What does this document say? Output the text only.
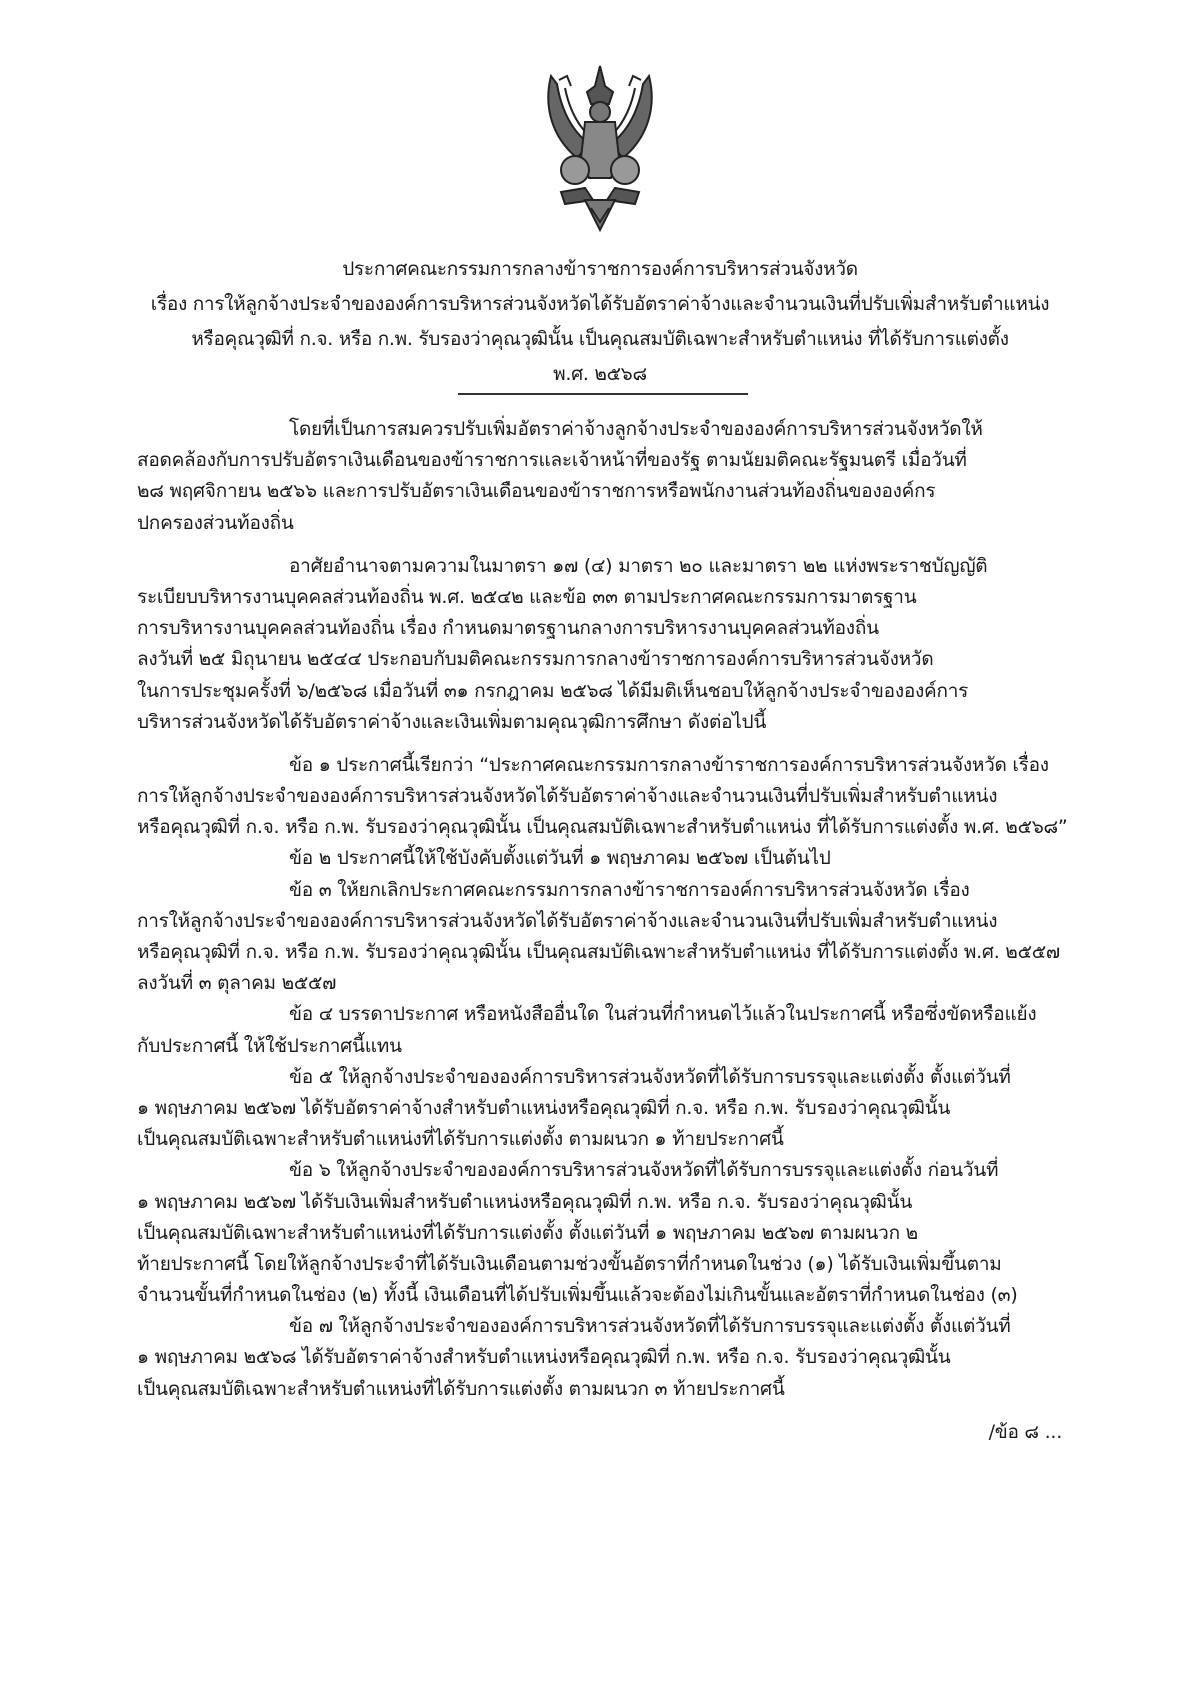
ประกาศคณะกรรมการกลางข้าราชการองค์การบริหารส่วนจังหวัด
เรื่อง การให้ลูกจ้างประจำขององค์การบริหารส่วนจังหวัดได้รับอัตราค่าจ้างและจำนวนเงินที่ปรับเพิ่มสำหรับตำแหน่ง
หรือคุณวุฒิที่ ก.จ. หรือ ก.พ. รับรองว่าคุณวุฒินั้น เป็นคุณสมบัติเฉพาะสำหรับตำแหน่ง ที่ได้รับการแต่งตั้ง
พ.ศ. ๒๕๖๘
โดยที่เป็นการสมควรปรับเพิ่มอัตราค่าจ้างลูกจ้างประจำขององค์การบริหารส่วนจังหวัดให้
สอดคล้องกับการปรับอัตราเงินเดือนของข้าราชการและเจ้าหน้าที่ของรัฐ ตามนัยมติคณะรัฐมนตรี เมื่อวันที่
๒๘ พฤศจิกายน ๒๕๖๖ และการปรับอัตราเงินเดือนของข้าราชการหรือพนักงานส่วนท้องถิ่นขององค์กร
ปกครองส่วนท้องถิ่น
อาศัยอำนาจตามความในมาตรา ๑๗ (๔) มาตรา ๒๐ และมาตรา ๒๒ แห่งพระราชบัญญัติ
ระเบียบบริหารงานบุคคลส่วนท้องถิ่น พ.ศ. ๒๕๔๒ และข้อ ๓๓ ตามประกาศคณะกรรมการมาตรฐาน
การบริหารงานบุคคลส่วนท้องถิ่น เรื่อง กำหนดมาตรฐานกลางการบริหารงานบุคคลส่วนท้องถิ่น
ลงวันที่ ๒๕ มิถุนายน ๒๕๔๔ ประกอบกับมติคณะกรรมการกลางข้าราชการองค์การบริหารส่วนจังหวัด
ในการประชุมครั้งที่ ๖/๒๕๖๘ เมื่อวันที่ ๓๑ กรกฎาคม ๒๕๖๘ ได้มีมติเห็นชอบให้ลูกจ้างประจำขององค์การ
บริหารส่วนจังหวัดได้รับอัตราค่าจ้างและเงินเพิ่มตามคุณวุฒิการศึกษา ดังต่อไปนี้
ข้อ ๑ ประกาศนี้เรียกว่า “ประกาศคณะกรรมการกลางข้าราชการองค์การบริหารส่วนจังหวัด เรื่อง
การให้ลูกจ้างประจำขององค์การบริหารส่วนจังหวัดได้รับอัตราค่าจ้างและจำนวนเงินที่ปรับเพิ่มสำหรับตำแหน่ง
หรือคุณวุฒิที่ ก.จ. หรือ ก.พ. รับรองว่าคุณวุฒินั้น เป็นคุณสมบัติเฉพาะสำหรับตำแหน่ง ที่ได้รับการแต่งตั้ง พ.ศ. ๒๕๖๘”
ข้อ ๒ ประกาศนี้ให้ใช้บังคับตั้งแต่วันที่ ๑ พฤษภาคม ๒๕๖๗ เป็นต้นไป
ข้อ ๓ ให้ยกเลิกประกาศคณะกรรมการกลางข้าราชการองค์การบริหารส่วนจังหวัด เรื่อง
การให้ลูกจ้างประจำขององค์การบริหารส่วนจังหวัดได้รับอัตราค่าจ้างและจำนวนเงินที่ปรับเพิ่มสำหรับตำแหน่ง
หรือคุณวุฒิที่ ก.จ. หรือ ก.พ. รับรองว่าคุณวุฒินั้น เป็นคุณสมบัติเฉพาะสำหรับตำแหน่ง ที่ได้รับการแต่งตั้ง พ.ศ. ๒๕๕๗
ลงวันที่ ๓ ตุลาคม ๒๕๕๗
ข้อ ๔ บรรดาประกาศ หรือหนังสืออื่นใด ในส่วนที่กำหนดไว้แล้วในประกาศนี้ หรือซึ่งขัดหรือแย้ง
กับประกาศนี้ ให้ใช้ประกาศนี้แทน
ข้อ ๕ ให้ลูกจ้างประจำขององค์การบริหารส่วนจังหวัดที่ได้รับการบรรจุและแต่งตั้ง ตั้งแต่วันที่
๑ พฤษภาคม ๒๕๖๗ ได้รับอัตราค่าจ้างสำหรับตำแหน่งหรือคุณวุฒิที่ ก.จ. หรือ ก.พ. รับรองว่าคุณวุฒินั้น
เป็นคุณสมบัติเฉพาะสำหรับตำแหน่งที่ได้รับการแต่งตั้ง ตามผนวก ๑ ท้ายประกาศนี้
ข้อ ๖ ให้ลูกจ้างประจำขององค์การบริหารส่วนจังหวัดที่ได้รับการบรรจุและแต่งตั้ง ก่อนวันที่
๑ พฤษภาคม ๒๕๖๗ ได้รับเงินเพิ่มสำหรับตำแหน่งหรือคุณวุฒิที่ ก.พ. หรือ ก.จ. รับรองว่าคุณวุฒินั้น
เป็นคุณสมบัติเฉพาะสำหรับตำแหน่งที่ได้รับการแต่งตั้ง ตั้งแต่วันที่ ๑ พฤษภาคม ๒๕๖๗ ตามผนวก ๒
ท้ายประกาศนี้ โดยให้ลูกจ้างประจำที่ได้รับเงินเดือนตามช่วงขั้นอัตราที่กำหนดในช่วง (๑) ได้รับเงินเพิ่มขึ้นตาม
จำนวนขั้นที่กำหนดในช่อง (๒) ทั้งนี้ เงินเดือนที่ได้ปรับเพิ่มขึ้นแล้วจะต้องไม่เกินขั้นและอัตราที่กำหนดในช่อง (๓)
ข้อ ๗ ให้ลูกจ้างประจำขององค์การบริหารส่วนจังหวัดที่ได้รับการบรรจุและแต่งตั้ง ตั้งแต่วันที่
๑ พฤษภาคม ๒๕๖๘ ได้รับอัตราค่าจ้างสำหรับตำแหน่งหรือคุณวุฒิที่ ก.พ. หรือ ก.จ. รับรองว่าคุณวุฒินั้น
เป็นคุณสมบัติเฉพาะสำหรับตำแหน่งที่ได้รับการแต่งตั้ง ตามผนวก ๓ ท้ายประกาศนี้
/ข้อ ๘ ...
